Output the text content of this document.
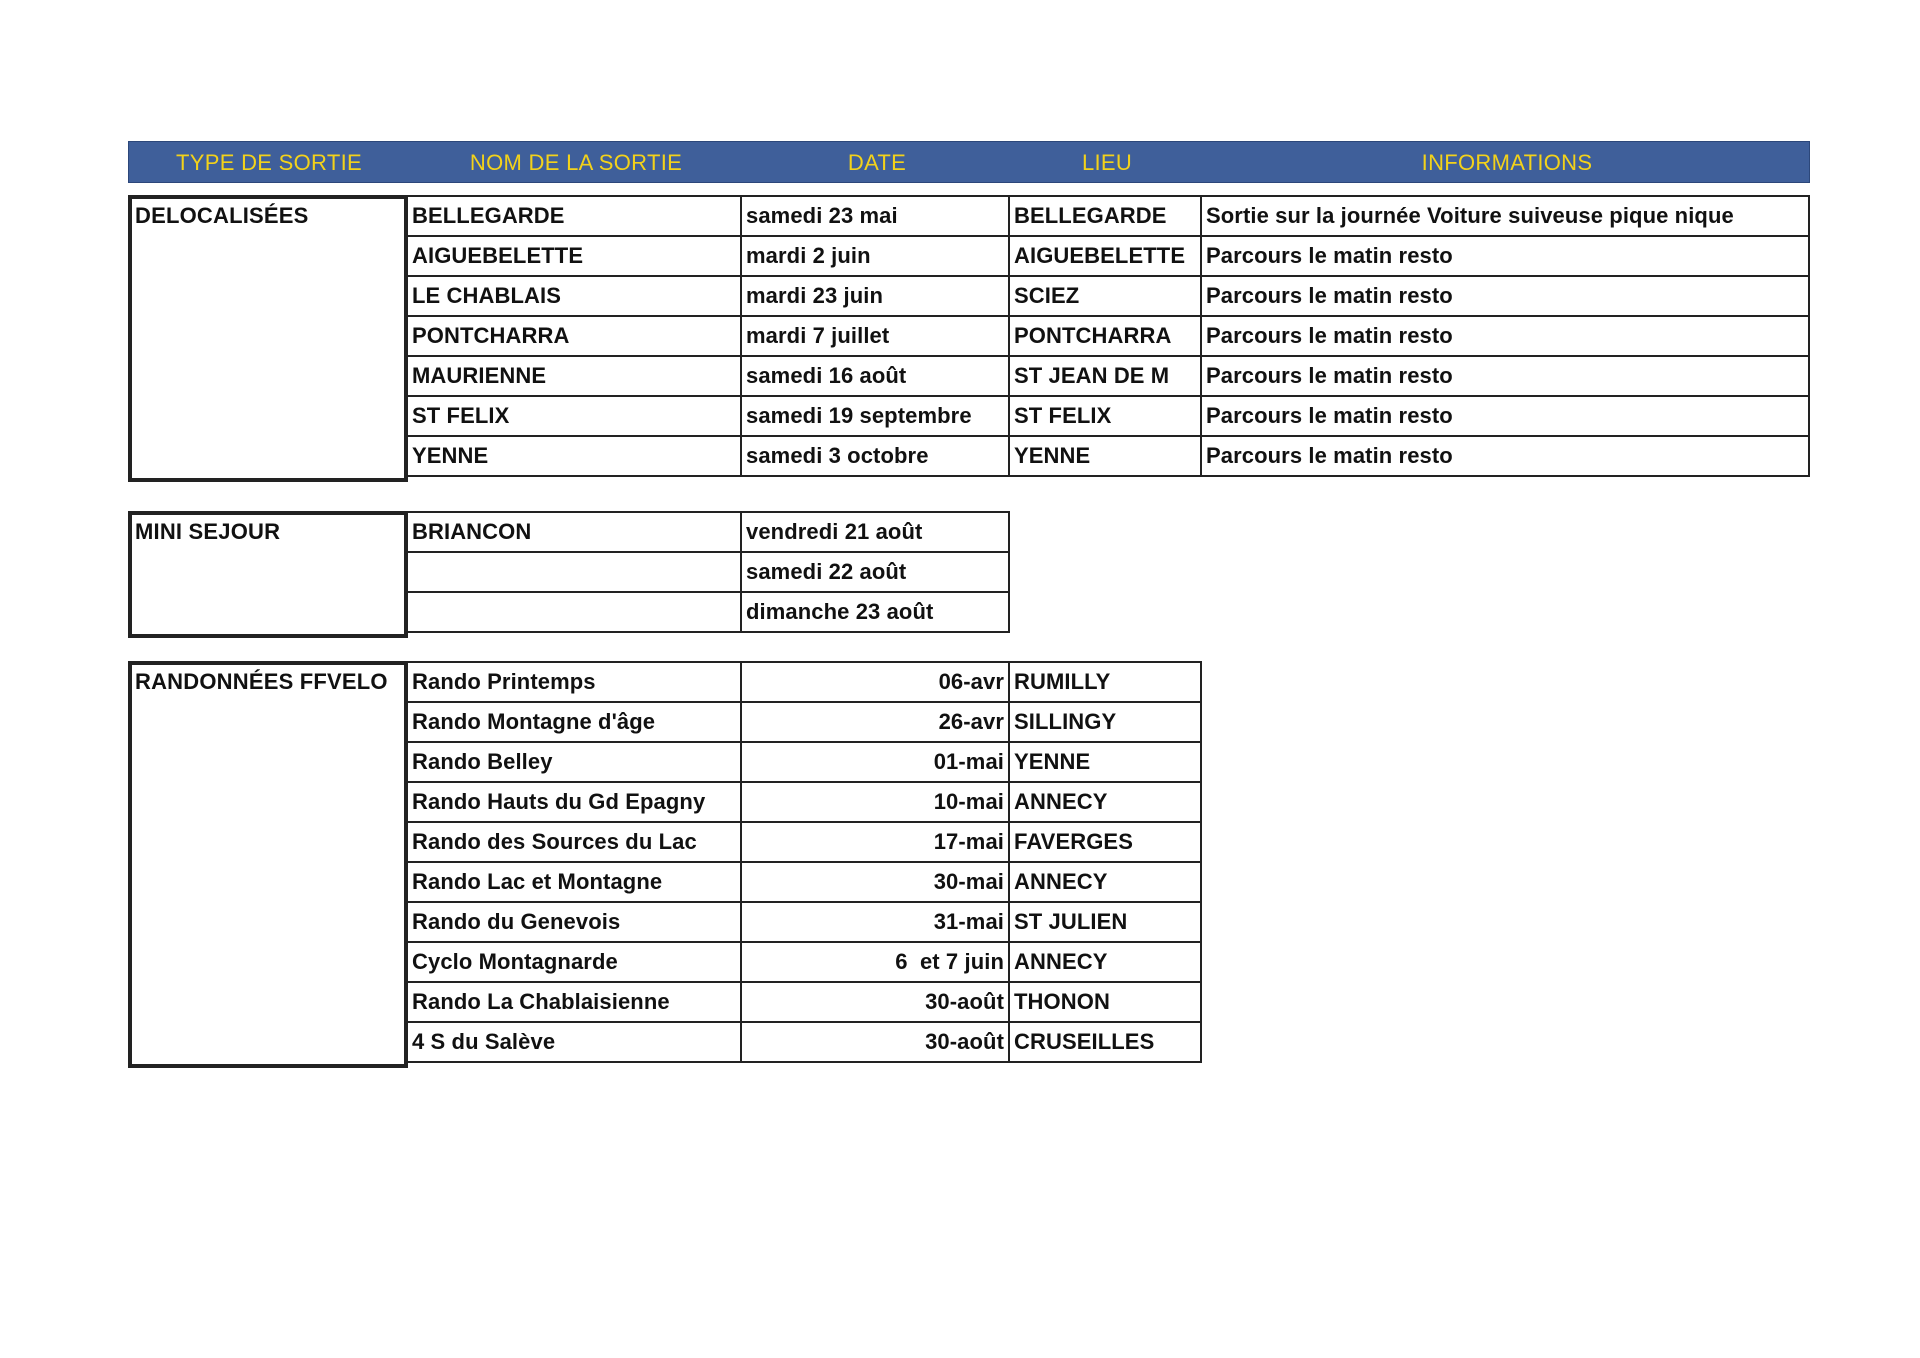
TYPE DE SORTIE	NOM DE LA SORTIE	DATE	LIEU	INFORMATIONS
DELOCALISÉES	BELLEGARDE	samedi 23 mai	BELLEGARDE	Sortie sur la journée Voiture suiveuse pique nique
AIGUEBELETTE	mardi 2 juin	AIGUEBELETTE	Parcours le matin resto
LE CHABLAIS	mardi 23 juin	SCIEZ	Parcours le matin resto
PONTCHARRA	mardi 7 juillet	PONTCHARRA	Parcours le matin resto
MAURIENNE	samedi 16 août	ST JEAN DE M	Parcours le matin resto
ST FELIX	samedi 19 septembre	ST FELIX	Parcours le matin resto
YENNE	samedi 3 octobre	YENNE	Parcours le matin resto
MINI SEJOUR	BRIANCON	vendredi 21 août
	samedi 22 août
	dimanche 23 août
RANDONNÉES FFVELO	Rando Printemps	06-avr	RUMILLY
Rando Montagne d'âge	26-avr	SILLINGY
Rando Belley	01-mai	YENNE
Rando Hauts du Gd Epagny	10-mai	ANNECY
Rando des Sources du Lac	17-mai	FAVERGES
Rando Lac et Montagne	30-mai	ANNECY
Rando du Genevois	31-mai	ST JULIEN
Cyclo Montagnarde	6  et 7 juin	ANNECY
Rando La Chablaisienne	30-août	THONON
4 S du Salève	30-août	CRUSEILLES
